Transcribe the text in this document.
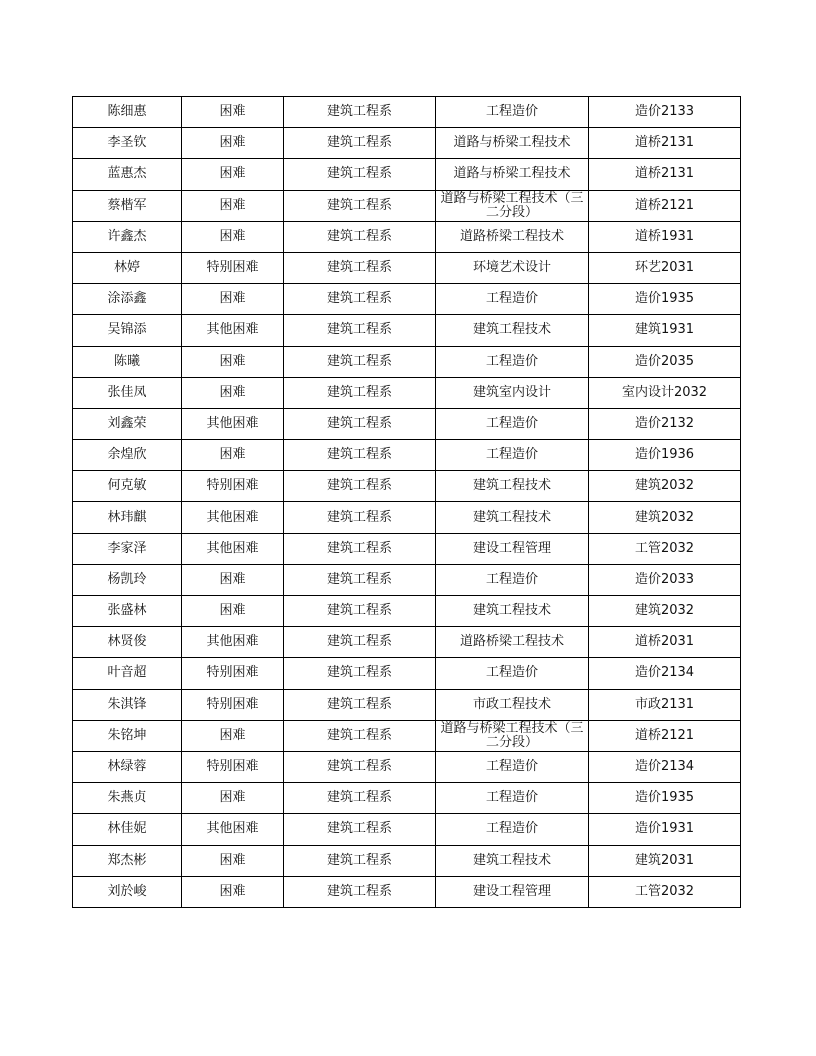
陈细惠	困难	建筑工程系	工程造价	造价2133
李圣钦	困难	建筑工程系	道路与桥梁工程技术	道桥2131
蓝惠杰	困难	建筑工程系	道路与桥梁工程技术	道桥2131
蔡楷军	困难	建筑工程系	道路与桥梁工程技术（三二分段）	道桥2121
许鑫杰	困难	建筑工程系	道路桥梁工程技术	道桥1931
林婷	特别困难	建筑工程系	环境艺术设计	环艺2031
涂添鑫	困难	建筑工程系	工程造价	造价1935
吴锦添	其他困难	建筑工程系	建筑工程技术	建筑1931
陈曦	困难	建筑工程系	工程造价	造价2035
张佳凤	困难	建筑工程系	建筑室内设计	室内设计2032
刘鑫荣	其他困难	建筑工程系	工程造价	造价2132
余煌欣	困难	建筑工程系	工程造价	造价1936
何克敏	特别困难	建筑工程系	建筑工程技术	建筑2032
林玮麒	其他困难	建筑工程系	建筑工程技术	建筑2032
李家泽	其他困难	建筑工程系	建设工程管理	工管2032
杨凯玲	困难	建筑工程系	工程造价	造价2033
张盛林	困难	建筑工程系	建筑工程技术	建筑2032
林贤俊	其他困难	建筑工程系	道路桥梁工程技术	道桥2031
叶音超	特别困难	建筑工程系	工程造价	造价2134
朱淇锋	特别困难	建筑工程系	市政工程技术	市政2131
朱铭坤	困难	建筑工程系	道路与桥梁工程技术（三二分段）	道桥2121
林绿蓉	特别困难	建筑工程系	工程造价	造价2134
朱燕贞	困难	建筑工程系	工程造价	造价1935
林佳妮	其他困难	建筑工程系	工程造价	造价1931
郑杰彬	困难	建筑工程系	建筑工程技术	建筑2031
刘於峻	困难	建筑工程系	建设工程管理	工管2032
